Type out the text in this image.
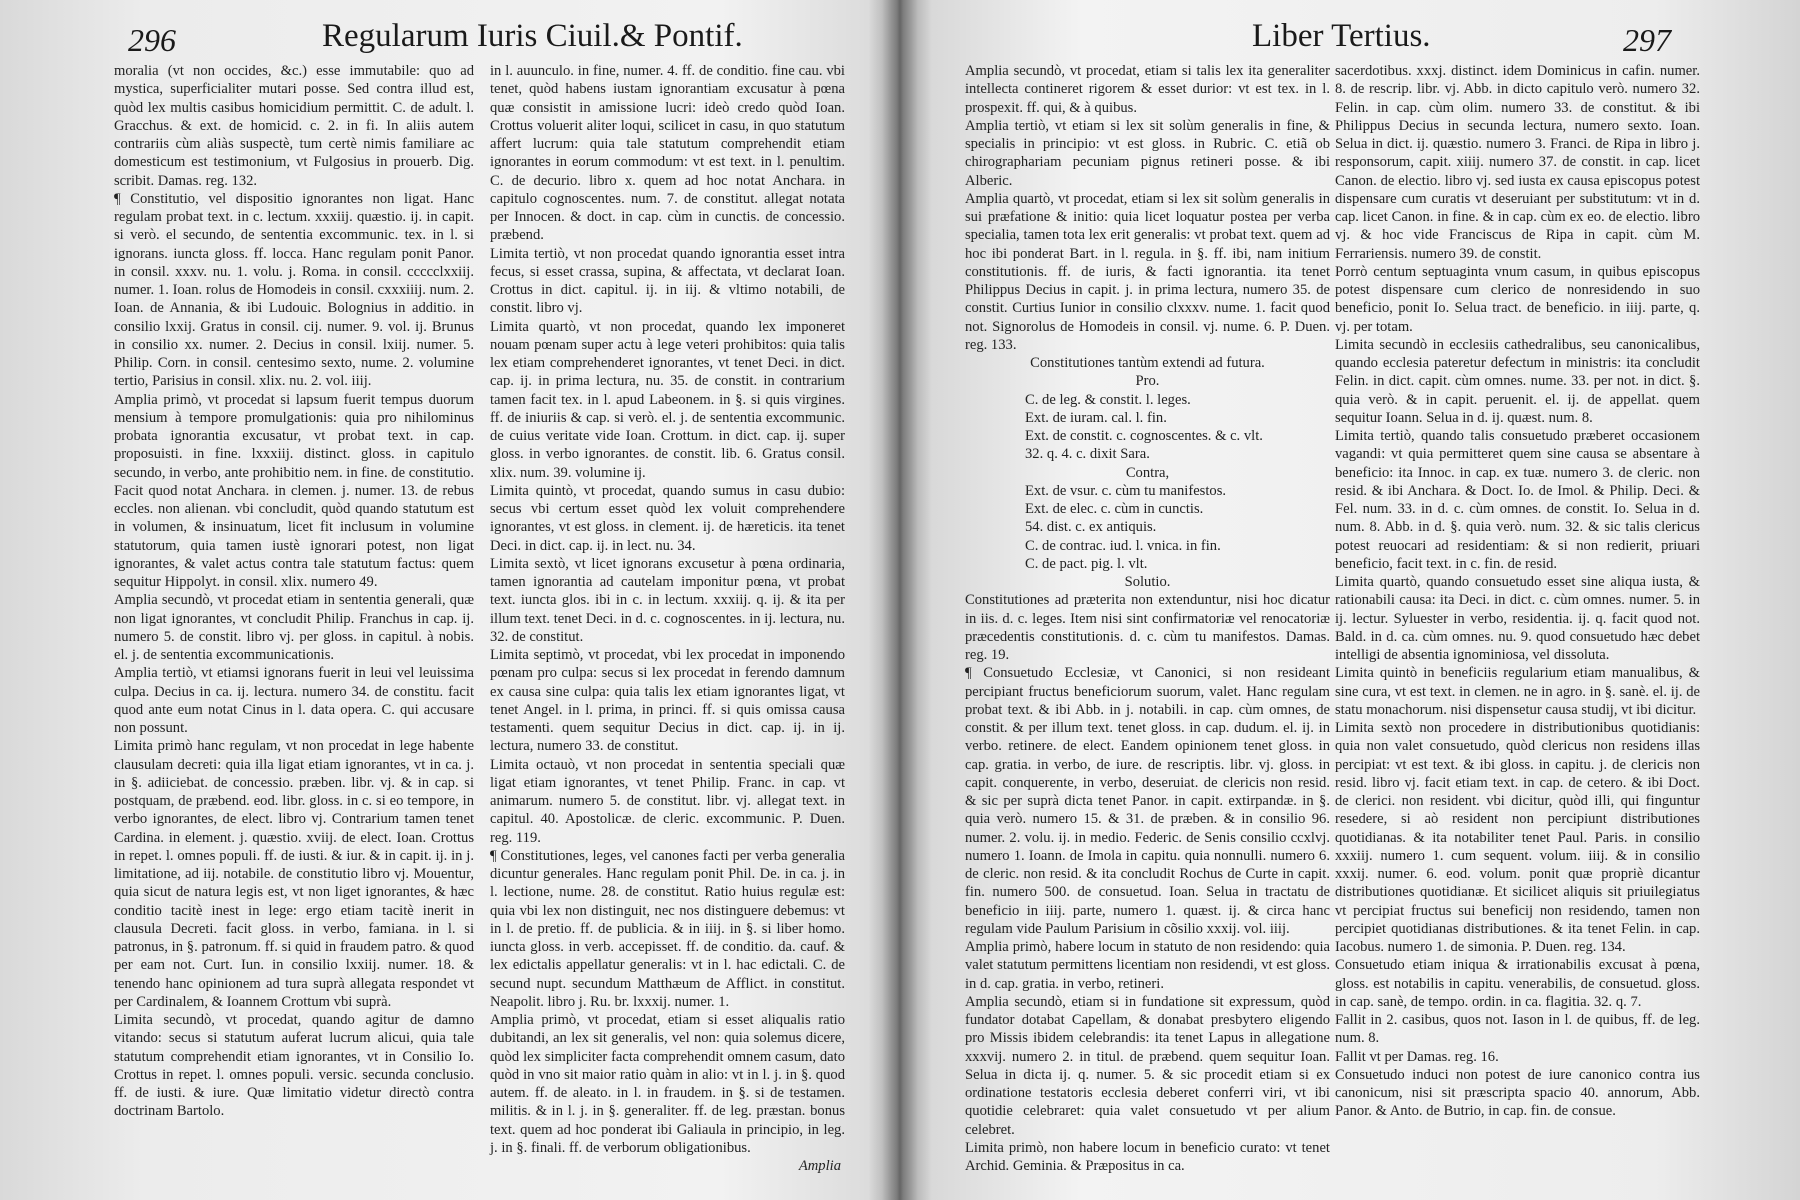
296	Regularum Iuris Ciuil.& Pontif.

moralia (vt non occides, &c.) esse immutabile: quo ad mystica, superficialiter mutari posse. Sed contra illud est, quòd lex multis casibus homicidium permittit. C. de adult. l. Gracchus. & ext. de homicid. c. 2. in fi. In aliis autem contrariis cùm aliàs suspectè, tum certè nimis familiare ac domesticum est testimonium, vt Fulgosius in prouerb. Dig. scribit. Damas. reg. 132.

¶ Constitutio, vel dispositio ignorantes non ligat. Hanc regulam probat text. in c. lectum. xxxiij. quæstio. ij. in capit. si verò. el secundo, de sententia excommunic. tex. in l. si ignorans. iuncta gloss. ff. locca. Hanc regulam ponit Panor. in consil. xxxv. nu. 1. volu. j. Roma. in consil. ccccclxxiij. numer. 1. Ioan. rolus de Homodeis in consil. cxxxiiij. num. 2. Ioan. de Annania, & ibi Ludouic. Bolognius in additio. in consilio lxxij. Gratus in consil. cij. numer. 9. vol. ij. Brunus in consilio xx. numer. 2. Decius in consil. lxiij. numer. 5. Philip. Corn. in consil. centesimo sexto, nume. 2. volumine tertio, Parisius in consil. xlix. nu. 2. vol. iiij.

Amplia primò, vt procedat si lapsum fuerit tempus duorum mensium à tempore promulgationis: quia pro nihilominus probata ignorantia excusatur, vt probat text. in cap. proposuisti. in fine. lxxxiij. distinct. gloss. in capitulo secundo, in verbo, ante prohibitio nem. in fine. de constitutio. Facit quod notat Anchara. in clemen. j. numer. 13. de rebus eccles. non alienan. vbi concludit, quòd quando statutum est in volumen, & insinuatum, licet fit inclusum in volumine statutorum, quia tamen iustè ignorari potest, non ligat ignorantes, & valet actus contra tale statutum factus: quem sequitur Hippolyt. in consil. xlix. numero 49.

Amplia secundò, vt procedat etiam in sententia generali, quæ non ligat ignorantes, vt concludit Philip. Franchus in cap. ij. numero 5. de constit. libro vj. per gloss. in capitul. à nobis. el. j. de sententia excommunicationis.

Amplia tertiò, vt etiamsi ignorans fuerit in leui vel leuissima culpa. Decius in ca. ij. lectura. numero 34. de constitu. facit quod ante eum notat Cinus in l. data opera. C. qui accusare non possunt.

Limita primò hanc regulam, vt non procedat in lege habente clausulam decreti: quia illa ligat etiam ignorantes, vt in ca. j. in §. adiiciebat. de concessio. præben. libr. vj. & in cap. si postquam, de præbend. eod. libr. gloss. in c. si eo tempore, in verbo ignorantes, de elect. libro vj. Contrarium tamen tenet Cardina. in element. j. quæstio. xviij. de elect. Ioan. Crottus in repet. l. omnes populi. ff. de iusti. & iur. & in capit. ij. in j. limitatione, ad iij. notabile. de constitutio libro vj. Mouentur, quia sicut de natura legis est, vt non liget ignorantes, & hæc conditio tacitè inest in lege: ergo etiam tacitè inerit in clausula Decreti. facit gloss. in verbo, famiana. in l. si patronus, in §. patronum. ff. si quid in fraudem patro. & quod per eam not. Curt. Iun. in consilio lxxiij. numer. 18. & tenendo hanc opinionem ad tura suprà allegata respondet vt per Cardinalem, & Ioannem Crottum vbi suprà.

Limita secundò, vt procedat, quando agitur de damno vitando: secus si statutum auferat lucrum alicui, quia tale statutum comprehendit etiam ignorantes, vt in Consilio Io. Crottus in repet. l. omnes populi. versic. secunda conclusio. ff. de iusti. & iure. Quæ limitatio videtur directò contra doctrinam Bartolo.

in l. auunculo. in fine, numer. 4. ff. de conditio. fine cau. vbi tenet, quòd habens iustam ignorantiam excusatur à pœna quæ consistit in amissione lucri: ideò credo quòd Ioan. Crottus voluerit aliter loqui, scilicet in casu, in quo statutum affert lucrum: quia tale statutum comprehendit etiam ignorantes in eorum commodum: vt est text. in l. penultim. C. de decurio. libro x. quem ad hoc notat Anchara. in capitulo cognoscentes. num. 7. de constitut. allegat notata per Innocen. & doct. in cap. cùm in cunctis. de concessio. præbend.

Limita tertiò, vt non procedat quando ignorantia esset intra fecus, si esset crassa, supina, & affectata, vt declarat Ioan. Crottus in dict. capitul. ij. in iij. & vltimo notabili, de constit. libro vj.

Limita quartò, vt non procedat, quando lex imponeret nouam pœnam super actu à lege veteri prohibitos: quia talis lex etiam comprehenderet ignorantes, vt tenet Deci. in dict. cap. ij. in prima lectura, nu. 35. de constit. in contrarium tamen facit tex. in l. apud Labeonem. in §. si quis virgines. ff. de iniuriis & cap. si verò. el. j. de sententia excommunic. de cuius veritate vide Ioan. Crottum. in dict. cap. ij. super gloss. in verbo ignorantes. de constit. lib. 6. Gratus consil. xlix. num. 39. volumine ij.

Limita quintò, vt procedat, quando sumus in casu dubio: secus vbi certum esset quòd lex voluit comprehendere ignorantes, vt est gloss. in clement. ij. de hæreticis. ita tenet Deci. in dict. cap. ij. in lect. nu. 34.

Limita sextò, vt licet ignorans excusetur à pœna ordinaria, tamen ignorantia ad cautelam imponitur pœna, vt probat text. iuncta glos. ibi in c. in lectum. xxxiij. q. ij. & ita per illum text. tenet Deci. in d. c. cognoscentes. in ij. lectura, nu. 32. de constitut.

Limita septimò, vt procedat, vbi lex procedat in imponendo pœnam pro culpa: secus si lex procedat in ferendo damnum ex causa sine culpa: quia talis lex etiam ignorantes ligat, vt tenet Angel. in l. prima, in princi. ff. si quis omissa causa testamenti. quem sequitur Decius in dict. cap. ij. in ij. lectura, numero 33. de constitut.

Limita octauò, vt non procedat in sententia speciali quæ ligat etiam ignorantes, vt tenet Philip. Franc. in cap. vt animarum. numero 5. de constitut. libr. vj. allegat text. in capitul. 40. Apostolicæ. de cleric. excommunic. P. Duen. reg. 119.

¶ Constitutiones, leges, vel canones facti per verba generalia dicuntur generales. Hanc regulam ponit Phil. De. in ca. j. in l. lectione, nume. 28. de constitut. Ratio huius regulæ est: quia vbi lex non distinguit, nec nos distinguere debemus: vt in l. de pretio. ff. de publicia. & in iiij. in §. si liber homo. iuncta gloss. in verb. accepisset. ff. de conditio. da. cauf. & lex edictalis appellatur generalis: vt in l. hac edictali. C. de secund nupt. secundum Matthæum de Afflict. in constitut. Neapolit. libro j. Ru. br. lxxxij. numer. 1.

Amplia primò, vt procedat, etiam si esset aliqualis ratio dubitandi, an lex sit generalis, vel non: quia solemus dicere, quòd lex simpliciter facta comprehendit omnem casum, dato quòd in vno sit maior ratio quàm in alio: vt in l. j. in §. quod autem. ff. de aleato. in l. in fraudem. in §. si de testamen. militis. & in l. j. in §. generaliter. ff. de leg. præstan. bonus text. quem ad hoc ponderat ibi Galiaula in principio, in leg. j. in §. finali. ff. de verborum obligationibus.

Amplia

Liber Tertius.	297

Amplia secundò, vt procedat, etiam si talis lex ita generaliter intellecta contineret rigorem & esset durior: vt est tex. in l. prospexit. ff. qui, & à quibus.

Amplia tertiò, vt etiam si lex sit solùm generalis in fine, & specialis in principio: vt est gloss. in Rubric. C. etiã ob chirographariam pecuniam pignus retineri posse. & ibi Alberic.

Amplia quartò, vt procedat, etiam si lex sit solùm generalis in sui præfatione & initio: quia licet loquatur postea per verba specialia, tamen tota lex erit generalis: vt probat text. quem ad hoc ibi ponderat Bart. in l. regula. in §. ff. ibi, nam initium constitutionis. ff. de iuris, & facti ignorantia. ita tenet Philippus Decius in capit. j. in prima lectura, numero 35. de constit. Curtius Iunior in consilio clxxxv. nume. 1. facit quod not. Signorolus de Homodeis in consil. vj. nume. 6. P. Duen. reg. 133.

Constitutiones tantùm extendi ad futura.

Pro.

C. de leg. & constit. l. leges.

Ext. de iuram. cal. l. fin.

Ext. de constit. c. cognoscentes. & c. vlt.

32. q. 4. c. dixit Sara.

Contra,

Ext. de vsur. c. cùm tu manifestos.

Ext. de elec. c. cùm in cunctis.

54. dist. c. ex antiquis.

C. de contrac. iud. l. vnica. in fin.

C. de pact. pig. l. vlt.

Solutio.

Constitutiones ad præterita non extenduntur, nisi hoc dicatur in iis. d. c. leges. Item nisi sint confirmatoriæ vel renocatoriæ præcedentis constitutionis. d. c. cùm tu manifestos. Damas. reg. 19.

¶ Consuetudo Ecclesiæ, vt Canonici, si non resideant percipiant fructus beneficiorum suorum, valet. Hanc regulam probat text. & ibi Abb. in j. notabili. in cap. cùm omnes, de constit. & per illum text. tenet gloss. in cap. dudum. el. ij. in verbo. retinere. de elect. Eandem opinionem tenet gloss. in cap. gratia. in verbo, de iure. de rescriptis. libr. vj. gloss. in capit. conquerente, in verbo, deseruiat. de clericis non resid. & sic per suprà dicta tenet Panor. in capit. extirpandæ. in §. quia verò. numero 15. & 31. de præben. & in consilio 96. numer. 2. volu. ij. in medio. Federic. de Senis consilio ccxlvj. numero 1. Ioann. de Imola in capitu. quia nonnulli. numero 6. de cleric. non resid. & ita concludit Rochus de Curte in capit. fin. numero 500. de consuetud. Ioan. Selua in tractatu de beneficio in iiij. parte, numero 1. quæst. ij. & circa hanc regulam vide Paulum Parisium in cõsilio xxxij. vol. iiij.

Amplia primò, habere locum in statuto de non residendo: quia valet statutum permittens licentiam non residendi, vt est gloss. in d. cap. gratia. in verbo, retineri.

Amplia secundò, etiam si in fundatione sit expressum, quòd fundator dotabat Capellam, & donabat presbytero eligendo pro Missis ibidem celebrandis: ita tenet Lapus in allegatione xxxvij. numero 2. in titul. de præbend. quem sequitur Ioan. Selua in dicta ij. q. numer. 5. & sic procedit etiam si ex ordinatione testatoris ecclesia deberet conferri viri, vt ibi quotidie celebraret: quia valet consuetudo vt per alium celebret.

Limita primò, non habere locum in beneficio curato: vt tenet Archid. Geminia. & Præpositus in ca.

sacerdotibus. xxxj. distinct. idem Dominicus in cafin. numer. 8. de rescrip. libr. vj. Abb. in dicto capitulo verò. numero 32. Felin. in cap. cùm olim. numero 33. de constitut. & ibi Philippus Decius in secunda lectura, numero sexto. Ioan. Selua in dict. ij. quæstio. numero 3. Franci. de Ripa in libro j. responsorum, capit. xiiij. numero 37. de constit. in cap. licet Canon. de electio. libro vj. sed iusta ex causa episcopus potest dispensare cum curatis vt deseruiant per substitutum: vt in d. cap. licet Canon. in fine. & in cap. cùm ex eo. de electio. libro vj. & hoc vide Franciscus de Ripa in capit. cùm M. Ferrariensis. numero 39. de constit.

Porrò centum septuaginta vnum casum, in quibus episcopus potest dispensare cum clerico de nonresidendo in suo beneficio, ponit Io. Selua tract. de beneficio. in iiij. parte, q. vj. per totam.

Limita secundò in ecclesiis cathedralibus, seu canonicalibus, quando ecclesia pateretur defectum in ministris: ita concludit Felin. in dict. capit. cùm omnes. nume. 33. per not. in dict. §. quia verò. & in capit. peruenit. el. ij. de appellat. quem sequitur Ioann. Selua in d. ij. quæst. num. 8.

Limita tertiò, quando talis consuetudo præberet occasionem vagandi: vt quia permitteret quem sine causa se absentare à beneficio: ita Innoc. in cap. ex tuæ. numero 3. de cleric. non resid. & ibi Anchara. & Doct. Io. de Imol. & Philip. Deci. & Fel. num. 33. in d. c. cùm omnes. de constit. Io. Selua in d. num. 8. Abb. in d. §. quia verò. num. 32. & sic talis clericus potest reuocari ad residentiam: & si non redierit, priuari beneficio, facit text. in c. fin. de resid.

Limita quartò, quando consuetudo esset sine aliqua iusta, & rationabili causa: ita Deci. in dict. c. cùm omnes. numer. 5. in ij. lectur. Syluester in verbo, residentia. ij. q. facit quod not. Bald. in d. ca. cùm omnes. nu. 9. quod consuetudo hæc debet intelligi de absentia ignominiosa, vel dissoluta.

Limita quintò in beneficiis regularium etiam manualibus, & sine cura, vt est text. in clemen. ne in agro. in §. sanè. el. ij. de statu monachorum. nisi dispensetur causa studij, vt ibi dicitur.

Limita sextò non procedere in distributionibus quotidianis: quia non valet consuetudo, quòd clericus non residens illas percipiat: vt est text. & ibi gloss. in capitu. j. de clericis non resid. libro vj. facit etiam text. in cap. de cetero. & ibi Doct. de clerici. non resident. vbi dicitur, quòd illi, qui finguntur resedere, si aò resident non percipiunt distributiones quotidianas. & ita notabiliter tenet Paul. Paris. in consilio xxxiij. numero 1. cum sequent. volum. iiij. & in consilio xxxij. numer. 6. eod. volum. ponit quæ propriè dicantur distributiones quotidianæ. Et sicilicet aliquis sit priuilegiatus vt percipiat fructus sui beneficij non residendo, tamen non percipiet quotidianas distributiones. & ita tenet Felin. in cap. Iacobus. numero 1. de simonia. P. Duen. reg. 134.

Consuetudo etiam iniqua & irrationabilis excusat à pœna, gloss. est notabilis in capitu. venerabilis, de consuetud. gloss. in cap. sanè, de tempo. ordin. in ca. flagitia. 32. q. 7.

Fallit in 2. casibus, quos not. Iason in l. de quibus, ff. de leg. num. 8.

Fallit vt per Damas. reg. 16.

Consuetudo induci non potest de iure canonico contra ius canonicum, nisi sit præscripta spacio 40. annorum, Abb. Panor. & Anto. de Butrio, in cap. fin. de consue.
